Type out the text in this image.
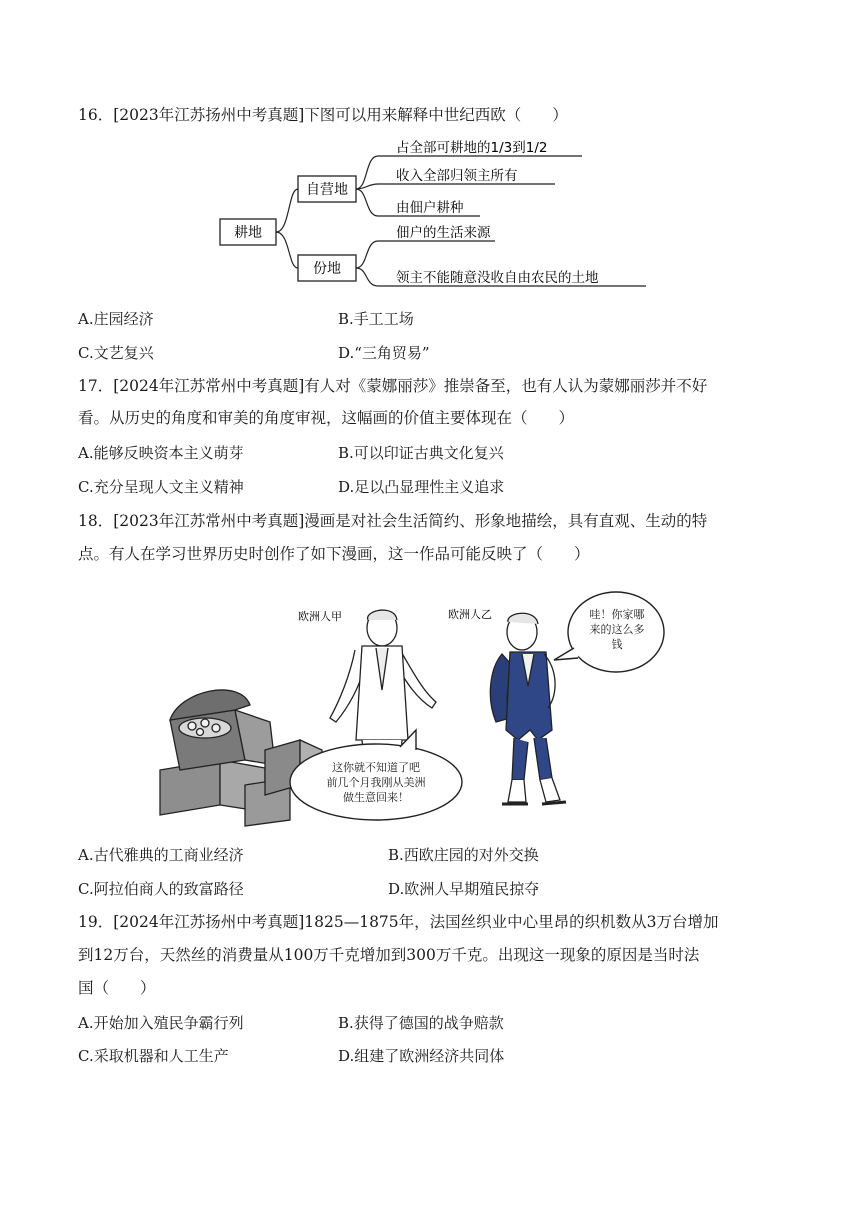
16．[2023年江苏扬州中考真题]下图可以用来解释中世纪西欧（　　）
耕地
自营地
份地
占全部可耕地的1/3到1/2
收入全部归领主所有
由佃户耕种
佃户的生活来源
领主不能随意没收自由农民的土地
A.庄园经济	B.手工工场
C.文艺复兴	D.“三角贸易”
17．[2024年江苏常州中考真题]有人对《蒙娜丽莎》推崇备至，也有人认为蒙娜丽莎并不好
看。从历史的角度和审美的角度审视，这幅画的价值主要体现在（　　）
A.能够反映资本主义萌芽	B.可以印证古典文化复兴
C.充分呈现人文主义精神	D.足以凸显理性主义追求
18．[2023年江苏常州中考真题]漫画是对社会生活简约、形象地描绘，具有直观、生动的特
点。有人在学习世界历史时创作了如下漫画，这一作品可能反映了（　　）
欧洲人甲	欧洲人乙	哇！你家哪
来的这么多
钱
这你就不知道了吧
前几个月我刚从美洲
做生意回来！
A.古代雅典的工商业经济	B.西欧庄园的对外交换
C.阿拉伯商人的致富路径	D.欧洲人早期殖民掠夺
19．[2024年江苏扬州中考真题]1825—1875年，法国丝织业中心里昂的织机数从3万台增加
到12万台，天然丝的消费量从100万千克增加到300万千克。出现这一现象的原因是当时法
国（　　）
A.开始加入殖民争霸行列	B.获得了德国的战争赔款
C.采取机器和人工生产	D.组建了欧洲经济共同体
